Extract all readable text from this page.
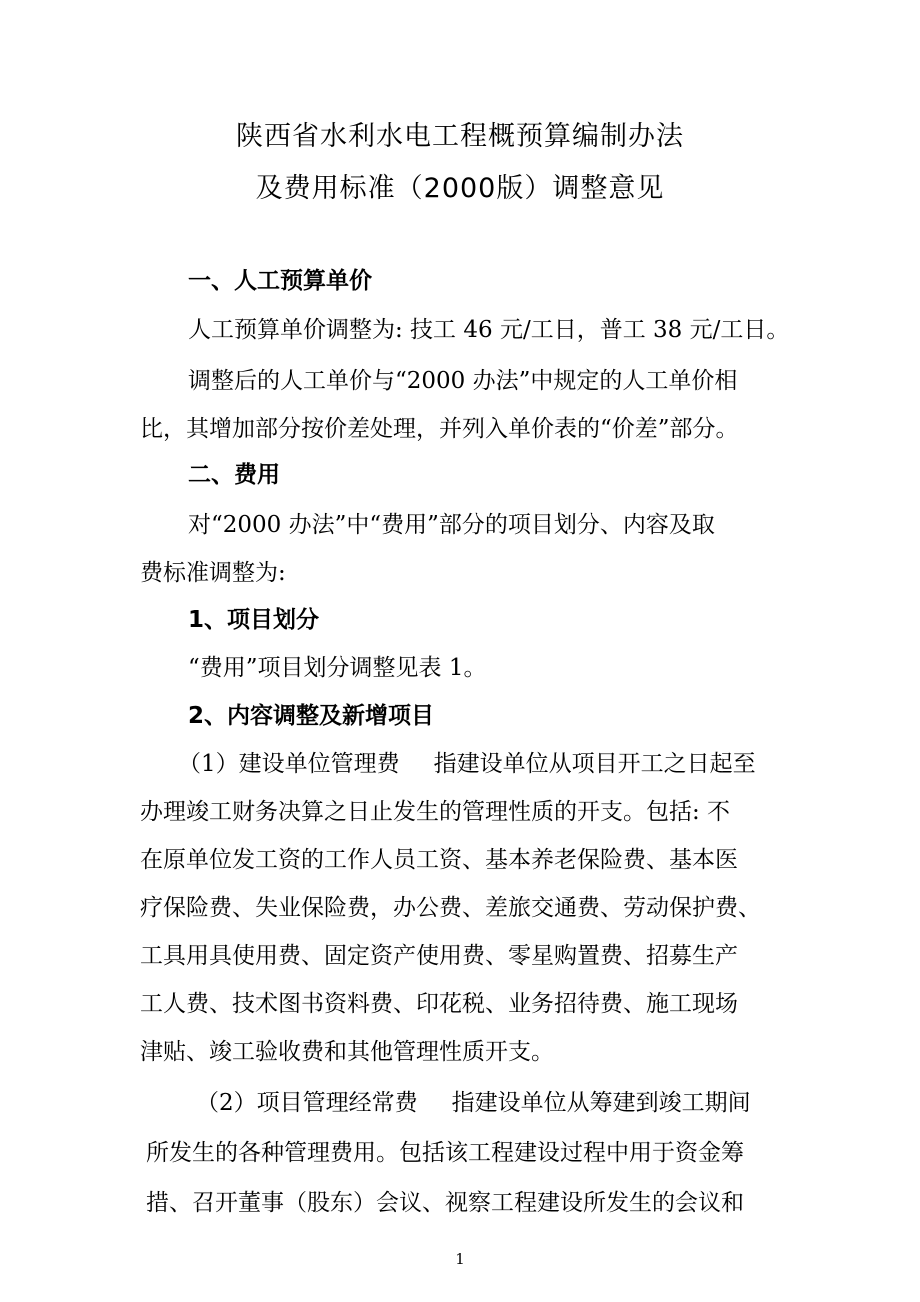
陕西省水利水电工程概预算编制办法
及费用标准（2000版）调整意见
一、人工预算单价
人工预算单价调整为: 技工 46 元/工日，普工 38 元/工日。
调整后的人工单价与“2000 办法”中规定的人工单价相
比，其增加部分按价差处理，并列入单价表的“价差”部分。
二、费用
对“2000 办法”中“费用”部分的项目划分、内容及取
费标准调整为:
1、项目划分
“费用”项目划分调整见表 1。
2、内容调整及新增项目
（1）建设单位管理费 指建设单位从项目开工之日起至
办理竣工财务决算之日止发生的管理性质的开支。包括: 不
在原单位发工资的工作人员工资、基本养老保险费、基本医
疗保险费、失业保险费，办公费、差旅交通费、劳动保护费、
工具用具使用费、固定资产使用费、零星购置费、招募生产
工人费、技术图书资料费、印花税、业务招待费、施工现场
津贴、竣工验收费和其他管理性质开支。
（2）项目管理经常费 指建设单位从筹建到竣工期间
所发生的各种管理费用。包括该工程建设过程中用于资金筹
措、召开董事（股东）会议、视察工程建设所发生的会议和
1
